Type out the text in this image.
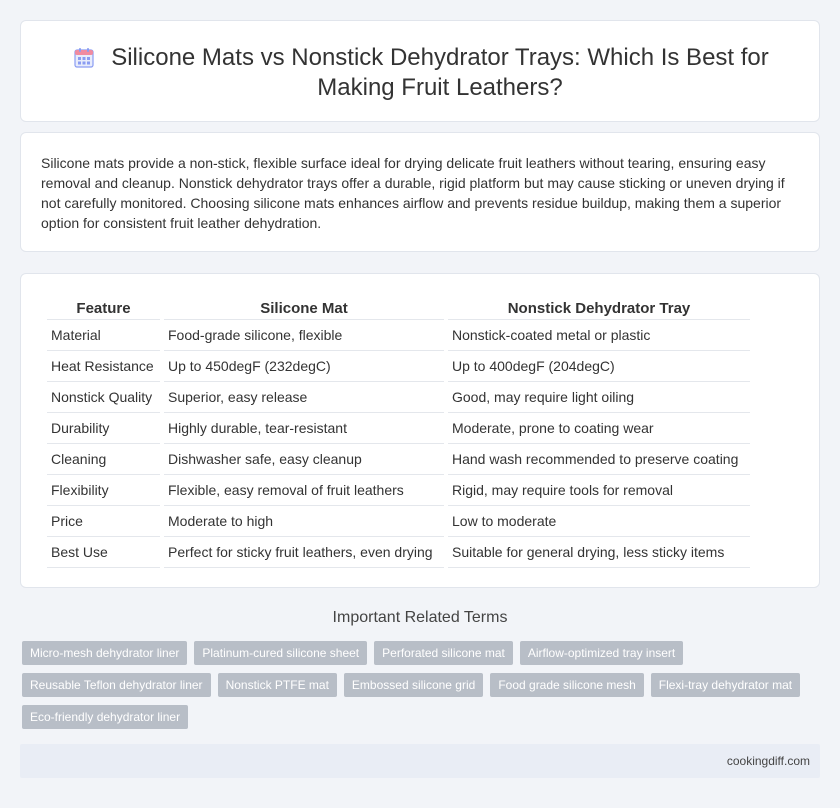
Silicone Mats vs Nonstick Dehydrator Trays: Which Is Best for Making Fruit Leathers?

Silicone mats provide a non-stick, flexible surface ideal for drying delicate fruit leathers without tearing, ensuring easy removal and cleanup. Nonstick dehydrator trays offer a durable, rigid platform but may cause sticking or uneven drying if not carefully monitored. Choosing silicone mats enhances airflow and prevents residue buildup, making them a superior option for consistent fruit leather dehydration.

Feature	Silicone Mat	Nonstick Dehydrator Tray
Material	Food-grade silicone, flexible	Nonstick-coated metal or plastic
Heat Resistance	Up to 450degF (232degC)	Up to 400degF (204degC)
Nonstick Quality	Superior, easy release	Good, may require light oiling
Durability	Highly durable, tear-resistant	Moderate, prone to coating wear
Cleaning	Dishwasher safe, easy cleanup	Hand wash recommended to preserve coating
Flexibility	Flexible, easy removal of fruit leathers	Rigid, may require tools for removal
Price	Moderate to high	Low to moderate
Best Use	Perfect for sticky fruit leathers, even drying	Suitable for general drying, less sticky items
Important Related Terms
Micro-mesh dehydrator liner	Platinum-cured silicone sheet	Perforated silicone mat	Airflow-optimized tray insert
Reusable Teflon dehydrator liner	Nonstick PTFE mat	Embossed silicone grid	Food grade silicone mesh	Flexi-tray dehydrator mat
Eco-friendly dehydrator liner
cookingdiff.com
